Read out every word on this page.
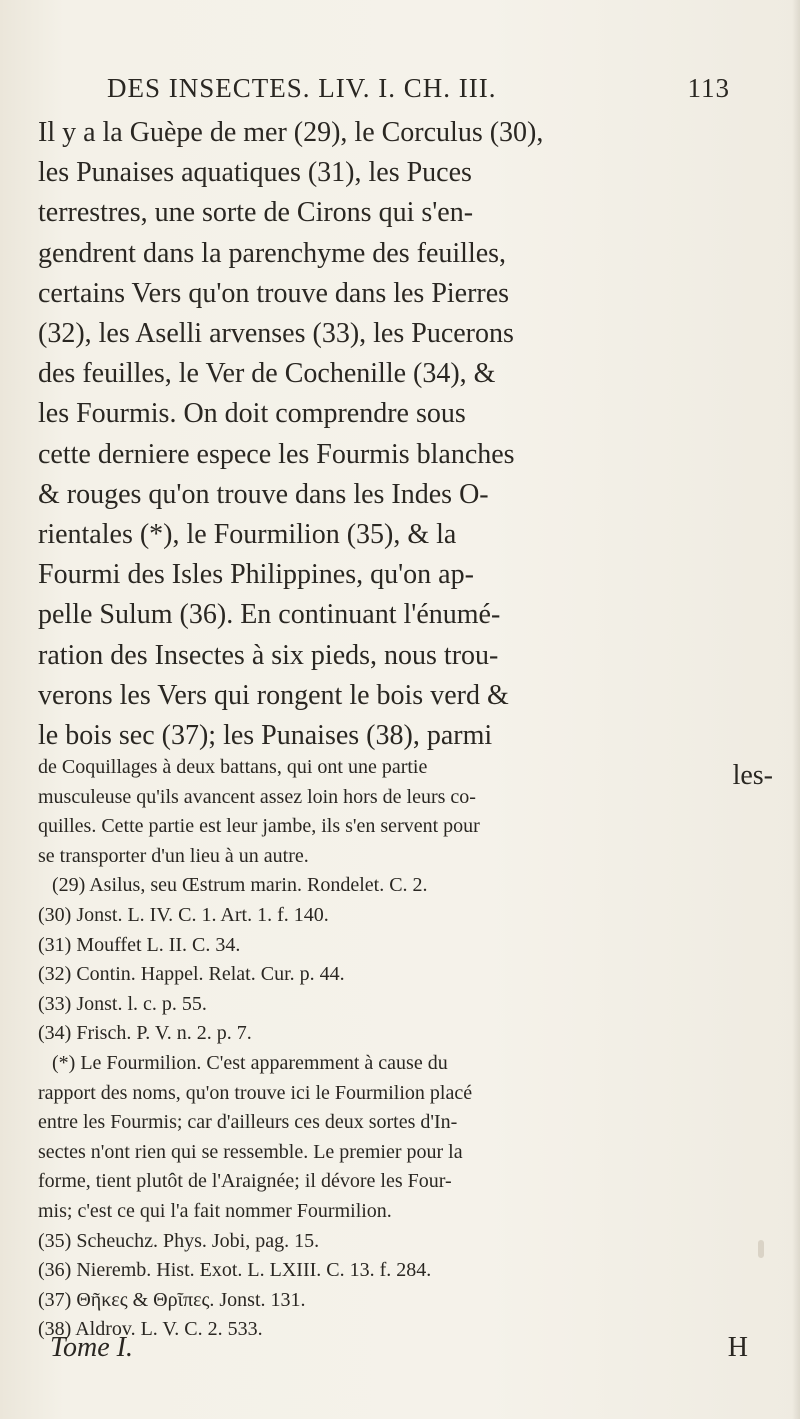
DES INSECTES. LIV. I. CH. III.	113
Il y a la Guèpe de mer (29), le Corculus (30),
les Punaises aquatiques (31), les Puces
terrestres, une sorte de Cirons qui s'en-
gendrent dans la parenchyme des feuilles,
certains Vers qu'on trouve dans les Pierres
(32), les Aselli arvenses (33), les Pucerons
des feuilles, le Ver de Cochenille (34), &
les Fourmis. On doit comprendre sous
cette derniere espece les Fourmis blanches
& rouges qu'on trouve dans les Indes O-
rientales (*), le Fourmilion (35), & la
Fourmi des Isles Philippines, qu'on ap-
pelle Sulum (36). En continuant l'énumé-
ration des Insectes à six pieds, nous trou-
verons les Vers qui rongent le bois verd &
le bois sec (37); les Punaises (38), parmi
les-
de Coquillages à deux battans, qui ont une partie
musculeuse qu'ils avancent assez loin hors de leurs co-
quilles. Cette partie est leur jambe, ils s'en servent pour
se transporter d'un lieu à un autre.
(29) Asilus, seu Œstrum marin. Rondelet. C. 2.
(30) Jonst. L. IV. C. 1. Art. 1. f. 140.
(31) Mouffet L. II. C. 34.
(32) Contin. Happel. Relat. Cur. p. 44.
(33) Jonst. l. c. p. 55.
(34) Frisch. P. V. n. 2. p. 7.
(*) Le Fourmilion. C'est apparemment à cause du
rapport des noms, qu'on trouve ici le Fourmilion placé
entre les Fourmis; car d'ailleurs ces deux sortes d'In-
sectes n'ont rien qui se ressemble. Le premier pour la
forme, tient plutôt de l'Araignée; il dévore les Four-
mis; c'est ce qui l'a fait nommer Fourmilion.
(35) Scheuchz. Phys. Jobi, pag. 15.
(36) Nieremb. Hist. Exot. L. LXIII. C. 13. f. 284.
(37) Θῆκες & Θρῖπες. Jonst. 131.
(38) Aldrov. L. V. C. 2. 533.
Tome I.	H
